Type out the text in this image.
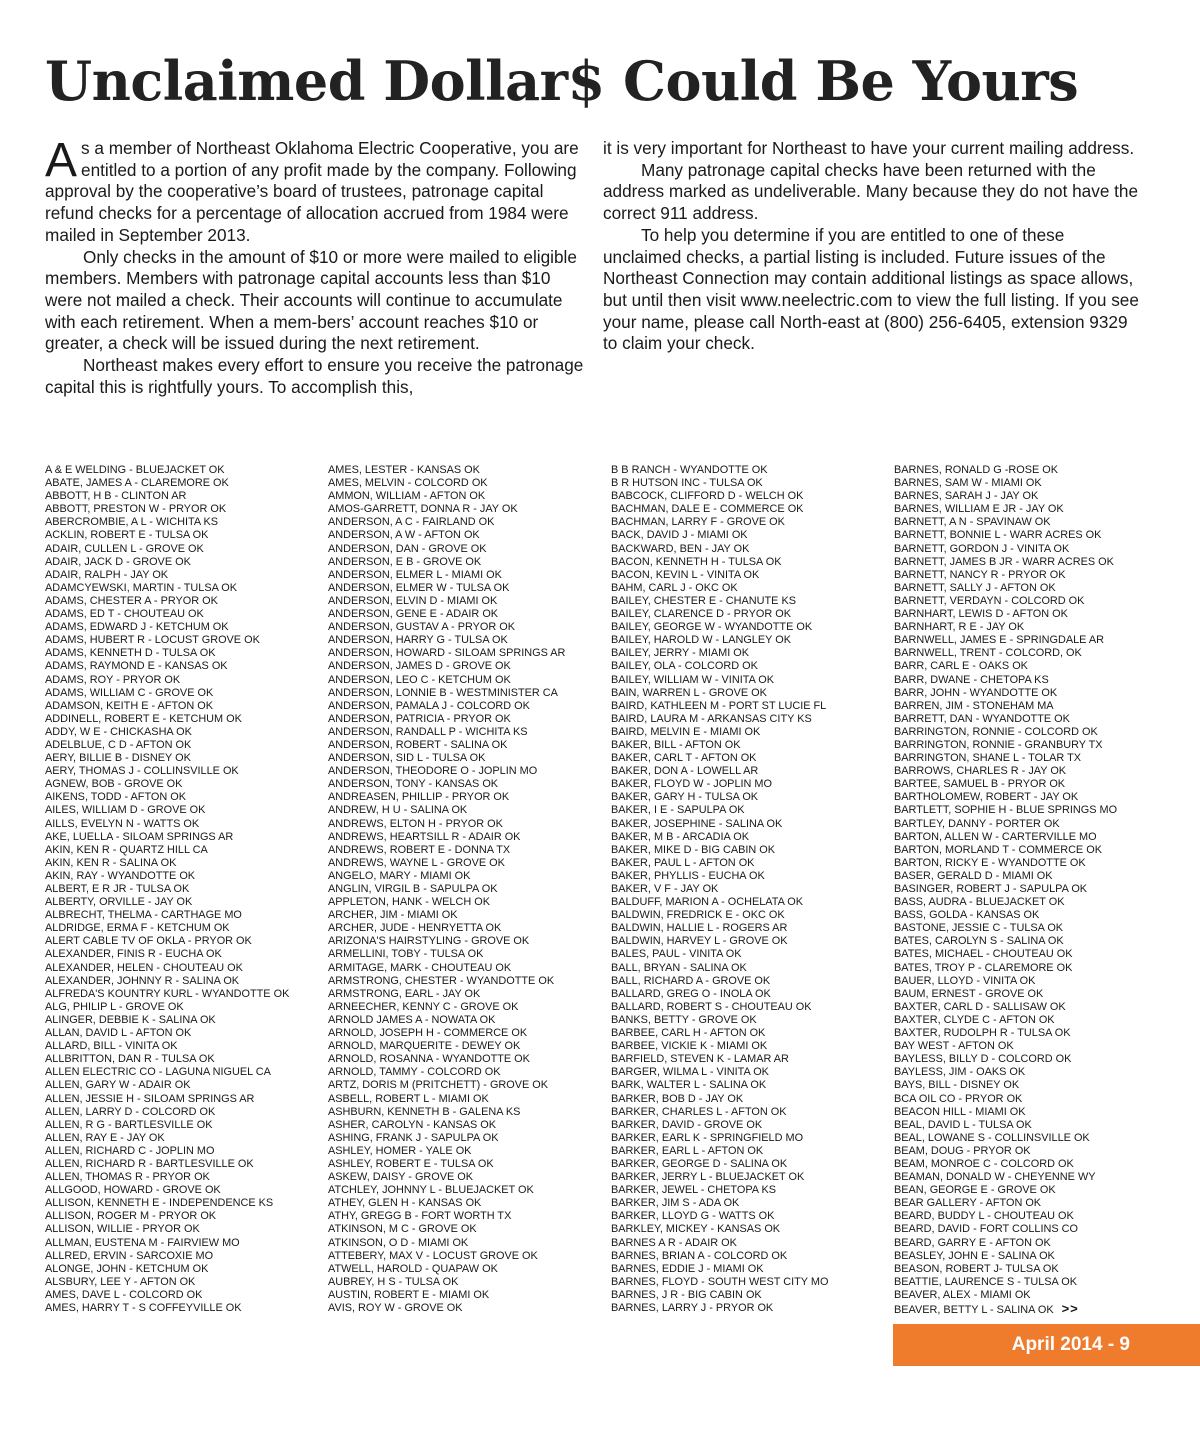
Unclaimed Dollar$ Could Be Yours

As a member of Northeast Oklahoma Electric Cooperative, you are entitled to a portion of any profit made by the company. Following approval by the cooperative’s board of trustees, patronage capital refund checks for a percentage of allocation accrued from 1984 were mailed in September 2013.

Only checks in the amount of $10 or more were mailed to eligible members. Members with patronage capital accounts less than $10 were not mailed a check. Their accounts will continue to accumulate with each retirement. When a mem-bers’ account reaches $10 or greater, a check will be issued during the next retirement.

Northeast makes every effort to ensure you receive the patronage capital this is rightfully yours. To accomplish this,

it is very important for Northeast to have your current mailing address.

Many patronage capital checks have been returned with the address marked as undeliverable. Many because they do not have the correct 911 address.

To help you determine if you are entitled to one of these unclaimed checks, a partial listing is included. Future issues of the Northeast Connection may contain additional listings as space allows, but until then visit www.neelectric.com to view the full listing. If you see your name, please call North-east at (800) 256-6405, extension 9329 to claim your check.

A & E WELDING - BLUEJACKET OK
ABATE, JAMES A - CLAREMORE OK
ABBOTT, H B - CLINTON AR
ABBOTT, PRESTON W - PRYOR OK
ABERCROMBIE, A L - WICHITA KS
ACKLIN, ROBERT E - TULSA OK
ADAIR, CULLEN L - GROVE OK
ADAIR, JACK D - GROVE OK
ADAIR, RALPH - JAY OK
ADAMCYEWSKI, MARTIN - TULSA OK
ADAMS, CHESTER A - PRYOR OK
ADAMS, ED T - CHOUTEAU OK
ADAMS, EDWARD J - KETCHUM OK
ADAMS, HUBERT R - LOCUST GROVE OK
ADAMS, KENNETH D - TULSA OK
ADAMS, RAYMOND E - KANSAS OK
ADAMS, ROY - PRYOR OK
ADAMS, WILLIAM C - GROVE OK
ADAMSON, KEITH E - AFTON OK
ADDINELL, ROBERT E - KETCHUM OK
ADDY, W E - CHICKASHA OK
ADELBLUE, C D - AFTON OK
AERY, BILLIE B - DISNEY OK
AERY, THOMAS J - COLLINSVILLE OK
AGNEW, BOB - GROVE OK
AIKENS, TODD - AFTON OK
AILES, WILLIAM D - GROVE OK
AILLS, EVELYN N - WATTS OK
AKE, LUELLA - SILOAM SPRINGS AR
AKIN, KEN R - QUARTZ HILL CA
AKIN, KEN R - SALINA OK
AKIN, RAY - WYANDOTTE OK
ALBERT, E R JR - TULSA OK
ALBERTY, ORVILLE - JAY OK
ALBRECHT, THELMA - CARTHAGE MO
ALDRIDGE, ERMA F - KETCHUM OK
ALERT CABLE TV OF OKLA - PRYOR OK
ALEXANDER, FINIS R - EUCHA OK
ALEXANDER, HELEN - CHOUTEAU OK
ALEXANDER, JOHNNY R - SALINA OK
ALFREDA'S KOUNTRY KURL - WYANDOTTE OK
ALG, PHILIP L - GROVE OK
ALINGER, DEBBIE K - SALINA OK
ALLAN, DAVID L - AFTON OK
ALLARD, BILL - VINITA OK
ALLBRITTON, DAN R - TULSA OK
ALLEN ELECTRIC CO - LAGUNA NIGUEL CA
ALLEN, GARY W - ADAIR OK
ALLEN, JESSIE H - SILOAM SPRINGS AR
ALLEN, LARRY D - COLCORD OK
ALLEN, R G - BARTLESVILLE OK
ALLEN, RAY E - JAY OK
ALLEN, RICHARD C - JOPLIN MO
ALLEN, RICHARD R - BARTLESVILLE OK
ALLEN, THOMAS R - PRYOR OK
ALLGOOD, HOWARD - GROVE OK
ALLISON, KENNETH E - INDEPENDENCE KS
ALLISON, ROGER M - PRYOR OK
ALLISON, WILLIE - PRYOR OK
ALLMAN, EUSTENA M - FAIRVIEW MO
ALLRED, ERVIN - SARCOXIE MO
ALONGE, JOHN - KETCHUM OK
ALSBURY, LEE Y - AFTON OK
AMES, DAVE L - COLCORD OK
AMES, HARRY T - S COFFEYVILLE OK
AMES, LESTER - KANSAS OK
AMES, MELVIN - COLCORD OK
AMMON, WILLIAM - AFTON OK
AMOS-GARRETT, DONNA R - JAY OK
ANDERSON, A C - FAIRLAND OK
ANDERSON, A W - AFTON OK
ANDERSON, DAN - GROVE OK
ANDERSON, E B - GROVE OK
ANDERSON, ELMER L - MIAMI OK
ANDERSON, ELMER W - TULSA OK
ANDERSON, ELVIN D - MIAMI OK
ANDERSON, GENE E - ADAIR OK
ANDERSON, GUSTAV A - PRYOR OK
ANDERSON, HARRY G - TULSA OK
ANDERSON, HOWARD - SILOAM SPRINGS AR
ANDERSON, JAMES D - GROVE OK
ANDERSON, LEO C - KETCHUM OK
ANDERSON, LONNIE B - WESTMINISTER CA
ANDERSON, PAMALA J - COLCORD OK
ANDERSON, PATRICIA - PRYOR OK
ANDERSON, RANDALL P - WICHITA KS
ANDERSON, ROBERT - SALINA OK
ANDERSON, SID L - TULSA OK
ANDERSON, THEODORE O - JOPLIN MO
ANDERSON, TONY - KANSAS OK
ANDREASEN, PHILLIP - PRYOR OK
ANDREW, H U - SALINA OK
ANDREWS, ELTON H - PRYOR OK
ANDREWS, HEARTSILL R - ADAIR OK
ANDREWS, ROBERT E - DONNA TX
ANDREWS, WAYNE L - GROVE OK
ANGELO, MARY - MIAMI OK
ANGLIN, VIRGIL B - SAPULPA OK
APPLETON, HANK - WELCH OK
ARCHER, JIM - MIAMI OK
ARCHER, JUDE - HENRYETTA OK
ARIZONA'S HAIRSTYLING - GROVE OK
ARMELLINI, TOBY - TULSA OK
ARMITAGE, MARK - CHOUTEAU OK
ARMSTRONG, CHESTER - WYANDOTTE OK
ARMSTRONG, EARL - JAY OK
ARNEECHER, KENNY C - GROVE OK
ARNOLD JAMES A - NOWATA OK
ARNOLD, JOSEPH H - COMMERCE OK
ARNOLD, MARQUERITE - DEWEY OK
ARNOLD, ROSANNA - WYANDOTTE OK
ARNOLD, TAMMY - COLCORD OK
ARTZ, DORIS M (PRITCHETT) - GROVE OK
ASBELL, ROBERT L - MIAMI OK
ASHBURN, KENNETH B - GALENA KS
ASHER, CAROLYN - KANSAS OK
ASHING, FRANK J - SAPULPA OK
ASHLEY, HOMER - YALE OK
ASHLEY, ROBERT E - TULSA OK
ASKEW, DAISY - GROVE OK
ATCHLEY, JOHNNY L - BLUEJACKET OK
ATHEY, GLEN H - KANSAS OK
ATHY, GREGG B - FORT WORTH TX
ATKINSON, M C - GROVE OK
ATKINSON, O D - MIAMI OK
ATTEBERY, MAX V - LOCUST GROVE OK
ATWELL, HAROLD - QUAPAW OK
AUBREY, H S - TULSA OK
AUSTIN, ROBERT E - MIAMI OK
AVIS, ROY W - GROVE OK
B B RANCH - WYANDOTTE OK
B R HUTSON INC - TULSA OK
BABCOCK, CLIFFORD D - WELCH OK
BACHMAN, DALE E - COMMERCE OK
BACHMAN, LARRY F - GROVE OK
BACK, DAVID J - MIAMI OK
BACKWARD, BEN - JAY OK
BACON, KENNETH H - TULSA OK
BACON, KEVIN L - VINITA OK
BAHM, CARL J - OKC OK
BAILEY, CHESTER E - CHANUTE KS
BAILEY, CLARENCE D - PRYOR OK
BAILEY, GEORGE W - WYANDOTTE OK
BAILEY, HAROLD W - LANGLEY OK
BAILEY, JERRY - MIAMI OK
BAILEY, OLA - COLCORD OK
BAILEY, WILLIAM W - VINITA OK
BAIN, WARREN L - GROVE OK
BAIRD, KATHLEEN M - PORT ST LUCIE FL
BAIRD, LAURA M - ARKANSAS CITY KS
BAIRD, MELVIN E - MIAMI OK
BAKER, BILL - AFTON OK
BAKER, CARL T - AFTON OK
BAKER, DON A - LOWELL AR
BAKER, FLOYD W - JOPLIN MO
BAKER, GARY H - TULSA OK
BAKER, I E - SAPULPA OK
BAKER, JOSEPHINE - SALINA OK
BAKER, M B - ARCADIA OK
BAKER, MIKE D - BIG CABIN OK
BAKER, PAUL L - AFTON OK
BAKER, PHYLLIS - EUCHA OK
BAKER, V F - JAY OK
BALDUFF, MARION A - OCHELATA OK
BALDWIN, FREDRICK E - OKC OK
BALDWIN, HALLIE L - ROGERS AR
BALDWIN, HARVEY L - GROVE OK
BALES, PAUL - VINITA OK
BALL, BRYAN - SALINA OK
BALL, RICHARD A - GROVE OK
BALLARD, GREG O - INOLA OK
BALLARD, ROBERT S - CHOUTEAU OK
BANKS, BETTY - GROVE OK
BARBEE, CARL H - AFTON OK
BARBEE, VICKIE K - MIAMI OK
BARFIELD, STEVEN K - LAMAR AR
BARGER, WILMA L - VINITA OK
BARK, WALTER L - SALINA OK
BARKER, BOB D - JAY OK
BARKER, CHARLES L - AFTON OK
BARKER, DAVID - GROVE OK
BARKER, EARL K - SPRINGFIELD MO
BARKER, EARL L - AFTON OK
BARKER, GEORGE D - SALINA OK
BARKER, JERRY L - BLUEJACKET OK
BARKER, JEWEL - CHETOPA KS
BARKER, JIM S - ADA OK
BARKER, LLOYD G - WATTS OK
BARKLEY, MICKEY - KANSAS OK
BARNES A R - ADAIR OK
BARNES, BRIAN A - COLCORD OK
BARNES, EDDIE J - MIAMI OK
BARNES, FLOYD - SOUTH WEST CITY MO
BARNES, J R - BIG CABIN OK
BARNES, LARRY J - PRYOR OK
BARNES, RONALD G -ROSE OK
BARNES, SAM W - MIAMI OK
BARNES, SARAH J - JAY OK
BARNES, WILLIAM E JR - JAY OK
BARNETT, A N - SPAVINAW OK
BARNETT, BONNIE L - WARR ACRES OK
BARNETT, GORDON J - VINITA OK
BARNETT, JAMES B JR - WARR ACRES OK
BARNETT, NANCY R - PRYOR OK
BARNETT, SALLY J - AFTON OK
BARNETT, VERDAYN - COLCORD OK
BARNHART, LEWIS D - AFTON OK
BARNHART, R E - JAY OK
BARNWELL, JAMES E - SPRINGDALE AR
BARNWELL, TRENT - COLCORD, OK
BARR, CARL E - OAKS OK
BARR, DWANE - CHETOPA KS
BARR, JOHN - WYANDOTTE OK
BARREN, JIM - STONEHAM MA
BARRETT, DAN - WYANDOTTE OK
BARRINGTON, RONNIE - COLCORD OK
BARRINGTON, RONNIE - GRANBURY TX
BARRINGTON, SHANE L - TOLAR TX
BARROWS, CHARLES R - JAY OK
BARTEE, SAMUEL B - PRYOR OK
BARTHOLOMEW, ROBERT - JAY OK
BARTLETT, SOPHIE H - BLUE SPRINGS MO
BARTLEY, DANNY - PORTER OK
BARTON, ALLEN W - CARTERVILLE MO
BARTON, MORLAND T - COMMERCE OK
BARTON, RICKY E - WYANDOTTE OK
BASER, GERALD D - MIAMI OK
BASINGER, ROBERT J - SAPULPA OK
BASS, AUDRA - BLUEJACKET OK
BASS, GOLDA - KANSAS OK
BASTONE, JESSIE C - TULSA OK
BATES, CAROLYN S - SALINA OK
BATES, MICHAEL - CHOUTEAU OK
BATES, TROY P - CLAREMORE OK
BAUER, LLOYD - VINITA OK
BAUM, ERNEST - GROVE OK
BAXTER, CARL D - SALLISAW OK
BAXTER, CLYDE C - AFTON OK
BAXTER, RUDOLPH R - TULSA OK
BAY WEST - AFTON OK
BAYLESS, BILLY D - COLCORD OK
BAYLESS, JIM - OAKS OK
BAYS, BILL - DISNEY OK
BCA OIL CO - PRYOR OK
BEACON HILL - MIAMI OK
BEAL, DAVID L - TULSA OK
BEAL, LOWANE S - COLLINSVILLE OK
BEAM, DOUG - PRYOR OK
BEAM, MONROE C - COLCORD OK
BEAMAN, DONALD W - CHEYENNE WY
BEAN, GEORGE E - GROVE OK
BEAR GALLERY - AFTON OK
BEARD, BUDDY L - CHOUTEAU OK
BEARD, DAVID - FORT COLLINS CO
BEARD, GARRY E - AFTON OK
BEASLEY, JOHN E - SALINA OK
BEASON, ROBERT J- TULSA OK
BEATTIE, LAURENCE S - TULSA OK
BEAVER, ALEX - MIAMI OK
BEAVER, BETTY L - SALINA OK >>
April 2014 - 9
